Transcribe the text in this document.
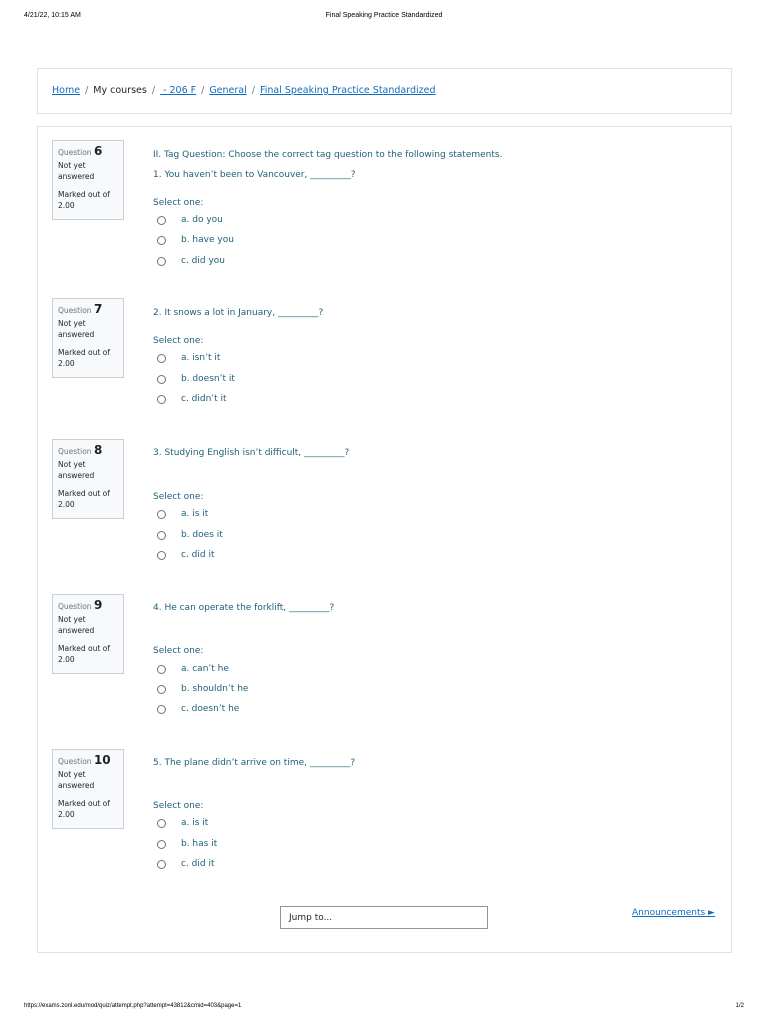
4/21/22, 10:15 AM	Final Speaking Practice Standardized
Home / My courses / - 206 F / General / Final Speaking Practice Standardized
Question 6
Not yet answered
Marked out of 2.00
II. Tag Question: Choose the correct tag question to the following statements.
1. You haven’t been to Vancouver, _________?
Select one:
a. do you
b. have you
c. did you
Question 7
Not yet answered
Marked out of 2.00
2. It snows a lot in January, _________?
Select one:
a. isn’t it
b. doesn’t it
c. didn’t it
Question 8
Not yet answered
Marked out of 2.00
3. Studying English isn’t difficult, _________?
Select one:
a. is it
b. does it
c. did it
Question 9
Not yet answered
Marked out of 2.00
4. He can operate the forklift, _________?
Select one:
a. can’t he
b. shouldn’t he
c. doesn’t he
Question 10
Not yet answered
Marked out of 2.00
5. The plane didn’t arrive on time, _________?
Select one:
a. is it
b. has it
c. did it
Jump to...	Announcements ►
https://exams.zonl.edu/mod/quiz/attempt.php?attempt=43812&cmid=403&page=1	1/2
